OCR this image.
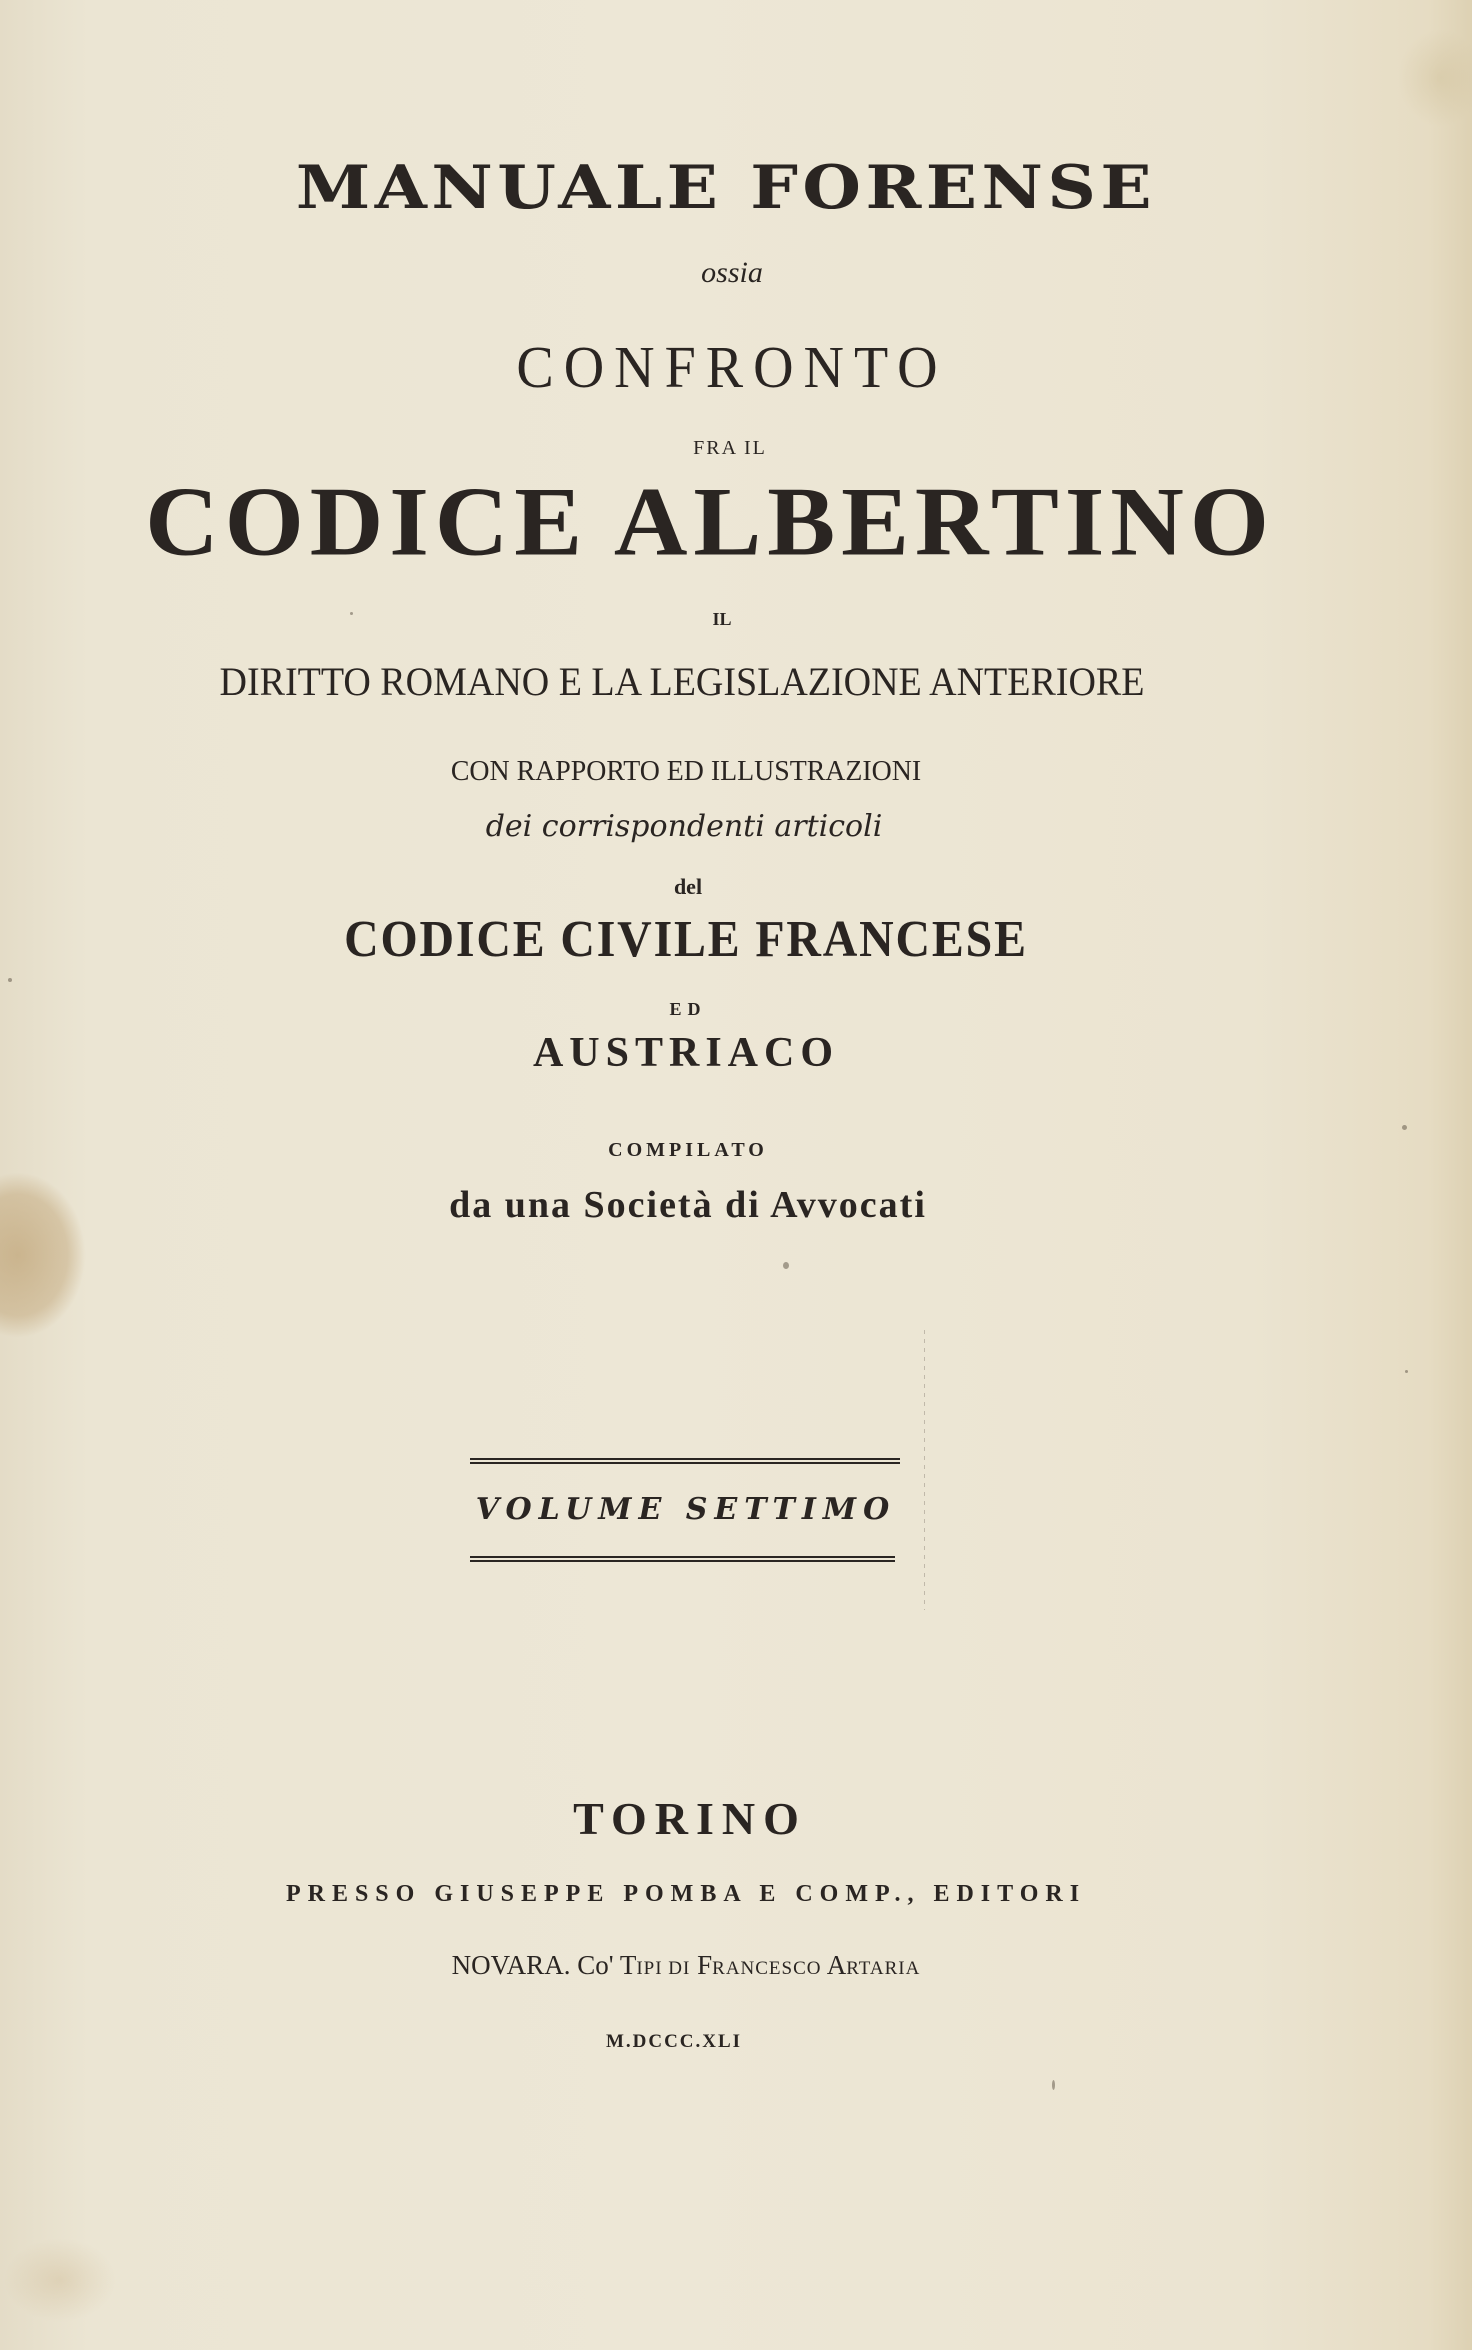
MANUALE FORENSE
ossia
CONFRONTO
FRA IL
CODICE ALBERTINO
IL
DIRITTO ROMANO E LA LEGISLAZIONE ANTERIORE
CON RAPPORTO ED ILLUSTRAZIONI
dei corrispondenti articoli
del
CODICE CIVILE FRANCESE
ED
AUSTRIACO
COMPILATO
da una Società di Avvocati
VOLUME SETTIMO
TORINO
PRESSO GIUSEPPE POMBA E COMP., EDITORI
NOVARA. Co' TIPI DI FRANCESCO ARTARIA
M.DCCC.XLI
